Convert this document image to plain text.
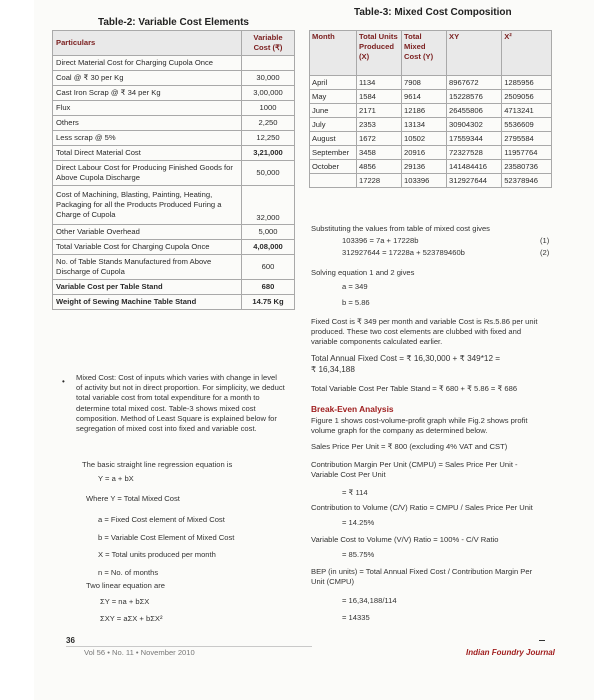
Table-2: Variable Cost Elements
Particulars	Variable Cost (₹)
Direct Material Cost for Charging Cupola Once	
Coal @ ₹ 30 per Kg	30,000
Cast Iron Scrap @ ₹ 34 per Kg	3,00,000
Flux	1000
Others	2,250
Less scrap @ 5%	12,250
Total Direct Material Cost	3,21,000
Direct Labour Cost for Producing Finished Goods for Above Cupola Discharge	50,000
Cost of Machining, Blasting, Painting, Heating, Packaging for all the Products Produced Furing a Charge of Cupola	32,000
Other Variable Overhead	5,000
Total Variable Cost for Charging Cupola Once	4,08,000
No. of Table Stands Manufactured from Above Discharge of Cupola	600
Variable Cost per Table Stand	680
Weight of Sewing Machine Table Stand	14.75 Kg
Table-3: Mixed Cost Composition
Month	Total Units Produced (X)	Total Mixed Cost (Y)	XY	X²
April	1134	7908	8967672	1285956
May	1584	9614	15228576	2509056
June	2171	12186	26455806	4713241
July	2353	13134	30904302	5536609
August	1672	10502	17559344	2795584
September	3458	20916	72327528	11957764
October	4856	29136	141484416	23580736
	17228	103396	312927644	52378946
• Mixed Cost: Cost of inputs which varies with change in level
of activity but not in direct proportion. For simplicity, we deduct
total variable cost from total expenditure for a month to
determine total mixed cost. Table-3 shows mixed cost
composition. Method of Least Square is explained below for
segregation of mixed cost into fixed and variable cost.
The basic straight line regression equation is
Y = a + bX
Where Y = Total Mixed Cost
a = Fixed Cost element of Mixed Cost
b = Variable Cost Element of Mixed Cost
X = Total units produced per month
n = No. of months
Two linear equation are
ΣY = na + bΣX
ΣXY = aΣX + bΣX²
Substituting the values from table of mixed cost gives
103396 = 7a + 17228b	(1)
312927644 = 17228a + 523789460b	(2)
Solving equation 1 and 2 gives
a = 349
b = 5.86
Fixed Cost is ₹ 349 per month and variable Cost is Rs.5.86 per unit
produced. These two cost elements are clubbed with fixed and
variable components calculated earlier.
Total Annual Fixed Cost = ₹ 16,30,000 + ₹ 349*12 =
₹ 16,34,188
Total Variable Cost Per Table Stand = ₹ 680 + ₹ 5.86 = ₹ 686
Break-Even Analysis
Figure 1 shows cost-volume-profit graph while Fig.2 shows profit
volume graph for the company as determined below.
Sales Price Per Unit = ₹ 800 (excluding 4% VAT and CST)
Contribution Margin Per Unit (CMPU) = Sales Price Per Unit -
Variable Cost Per Unit
= ₹ 114
Contribution to Volume (C/V) Ratio = CMPU / Sales Price Per Unit
= 14.25%
Variable Cost to Volume (V/V) Ratio = 100% - C/V Ratio
= 85.75%
BEP (in units) = Total Annual Fixed Cost / Contribution Margin Per
Unit (CMPU)
= 16,34,188/114
= 14335
36
Vol 56 • No. 11 • November 2010	Indian Foundry Journal
